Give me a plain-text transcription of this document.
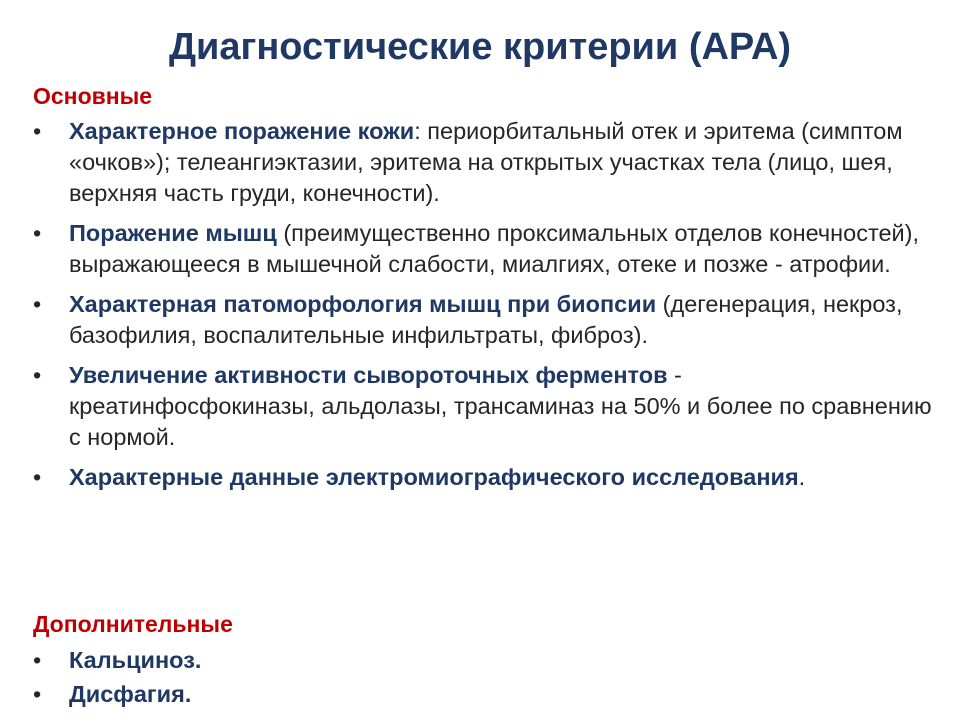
Диагностические критерии (АРА)
Основные
• Характерное поражение кожи: периорбитальный отек и эритема (симптом «очков»); телеангиэктазии, эритема на открытых участках тела (лицо, шея, верхняя часть груди, конечности).
• Поражение мышц (преимущественно проксимальных отделов конечностей), выражающееся в мышечной слабости, миалгиях, отеке и позже - атрофии.
• Характерная патоморфология мышц при биопсии (дегенерация, некроз, базофилия, воспалительные инфильтраты, фиброз).
• Увеличение активности сывороточных ферментов - креатинфосфокиназы, альдолазы, трансаминаз на 50% и более по сравнению с нормой.
• Характерные данные электромиографического исследования.
Дополнительные
• Кальциноз.
• Дисфагия.
